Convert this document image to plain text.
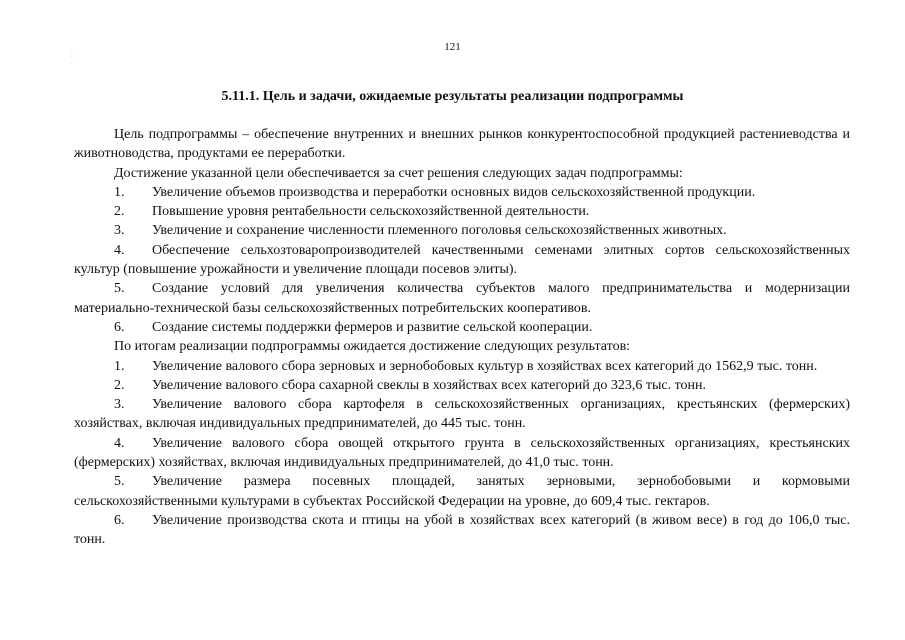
121
·
:
·
5.11.1. Цель и задачи, ожидаемые результаты реализации подпрограммы

Цель подпрограммы – обеспечение внутренних и внешних рынков конкурентоспособной продукцией растениеводства и животноводства, продуктами ее переработки.

Достижение указанной цели обеспечивается за счет решения следующих задач подпрограммы:

1. Увеличение объемов производства и переработки основных видов сельскохозяйственной продукции.

2. Повышение уровня рентабельности сельскохозяйственной деятельности.

3. Увеличение и сохранение численности племенного поголовья сельскохозяйственных животных.

4. Обеспечение сельхозтоваропроизводителей качественными семенами элитных сортов сельскохозяйственных культур (повышение урожайности и увеличение площади посевов элиты).

5. Создание условий для увеличения количества субъектов малого предпринимательства и модернизации материально-технической базы сельскохозяйственных потребительских кооперативов.

6. Создание системы поддержки фермеров и развитие сельской кооперации.

По итогам реализации подпрограммы ожидается достижение следующих результатов:

1. Увеличение валового сбора зерновых и зернобобовых культур в хозяйствах всех категорий до 1562,9 тыс. тонн.

2. Увеличение валового сбора сахарной свеклы в хозяйствах всех категорий до 323,6 тыс. тонн.

3. Увеличение валового сбора картофеля в сельскохозяйственных организациях, крестьянских (фермерских) хозяйствах, включая индивидуальных предпринимателей, до 445 тыс. тонн.

4. Увеличение валового сбора овощей открытого грунта в сельскохозяйственных организациях, крестьянских (фермерских) хозяйствах, включая индивидуальных предпринимателей, до 41,0 тыс. тонн.

5. Увеличение размера посевных площадей, занятых зерновыми, зернобобовыми и кормовыми сельскохозяйственными культурами в субъектах Российской Федерации на уровне, до 609,4 тыс. гектаров.

6. Увеличение производства скота и птицы на убой в хозяйствах всех категорий (в живом весе) в год до 106,0 тыс. тонн.
